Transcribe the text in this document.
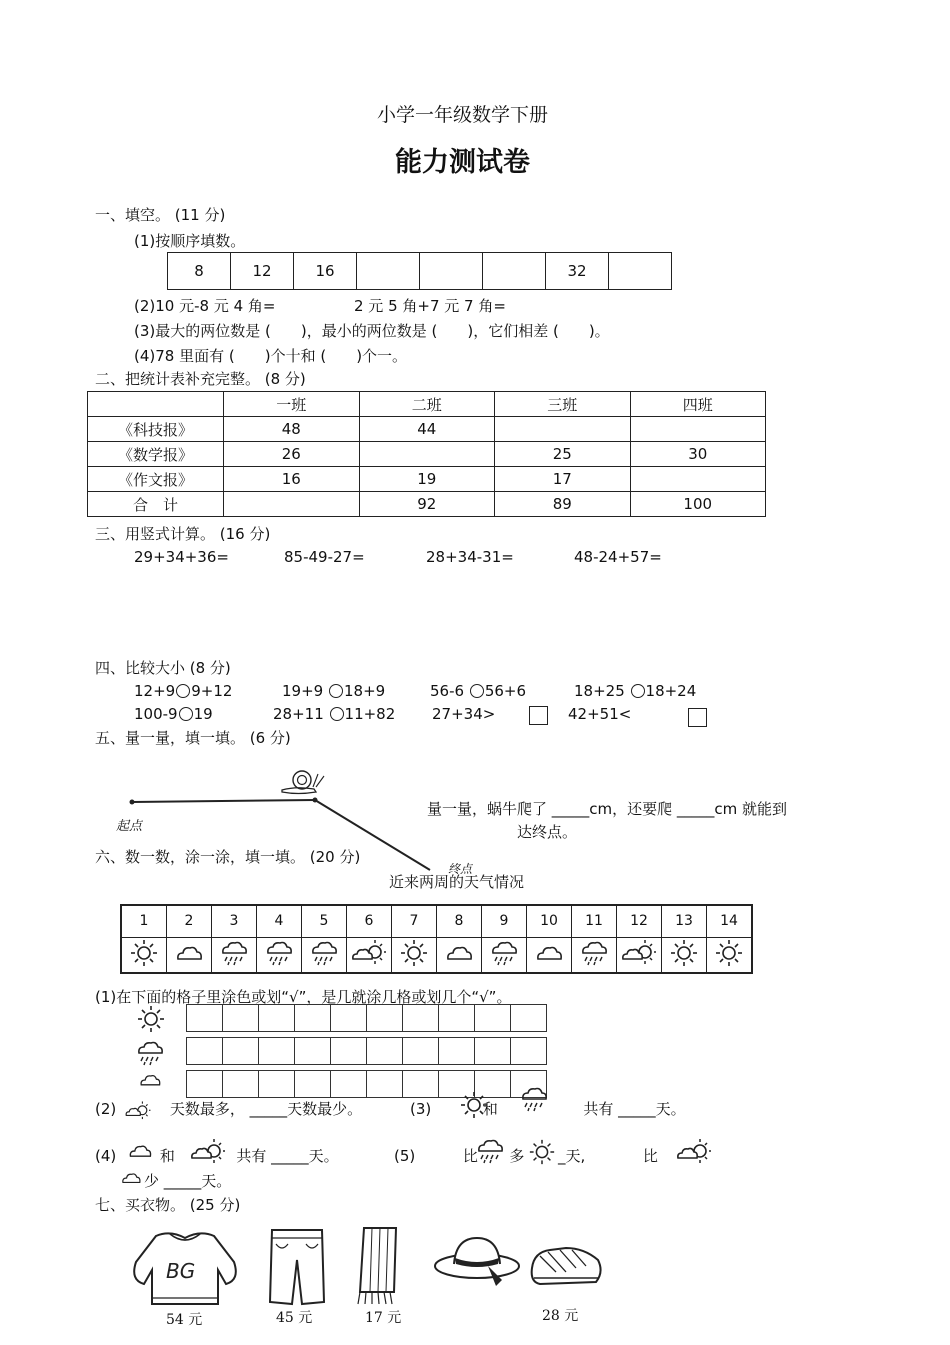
小学一年级数学下册
能力测试卷
一、填空。 (11 分)
(1)按顺序填数。
8	12	16				32	
(2)10 元-8 元 4 角=	2 元 5 角+7 元 7 角=
(3)最大的两位数是 (　　)，最小的两位数是 (　　)，它们相差 (　　)。
(4)78 里面有 (　　)个十和 (　　)个一。
二、把统计表补充完整。 (8 分)
	一班	二班	三班	四班
《科技报》	48	44		
《数学报》	26		25	30
《作文报》	16	19	17	
合　计		92	89	100
三、用竖式计算。 (16 分)
29+34+36=	85-49-27=	28+34-31=	48-24+57=
四、比较大小 (8 分)
12+9 9+12	19+9 18+9	56-6 56+6	18+25 18+24
100-9 19	28+11 11+82 27+34>	42+51<
五、量一量，填一填。 (6 分)
起点
终点
量一量，蜗牛爬了 _____cm，还要爬 _____cm 就能到
达终点。
六、数一数，涂一涂，填一填。 (20 分)
近来两周的天气情况
1	2	3	4	5	6	7	8	9	10	11	12	13	14

(1)在下面的格子里涂色或划“√”，是几就涂几格或划几个“√”。

(2)	天数最多， _____天数最少。	(3)	和	共有 _____天。
(4)	和	共有 _____天。	(5)	比 多 _天,	比
少 _____天。
七、买衣物。 (25 分)
BG
54 元	45 元	17 元	28 元
